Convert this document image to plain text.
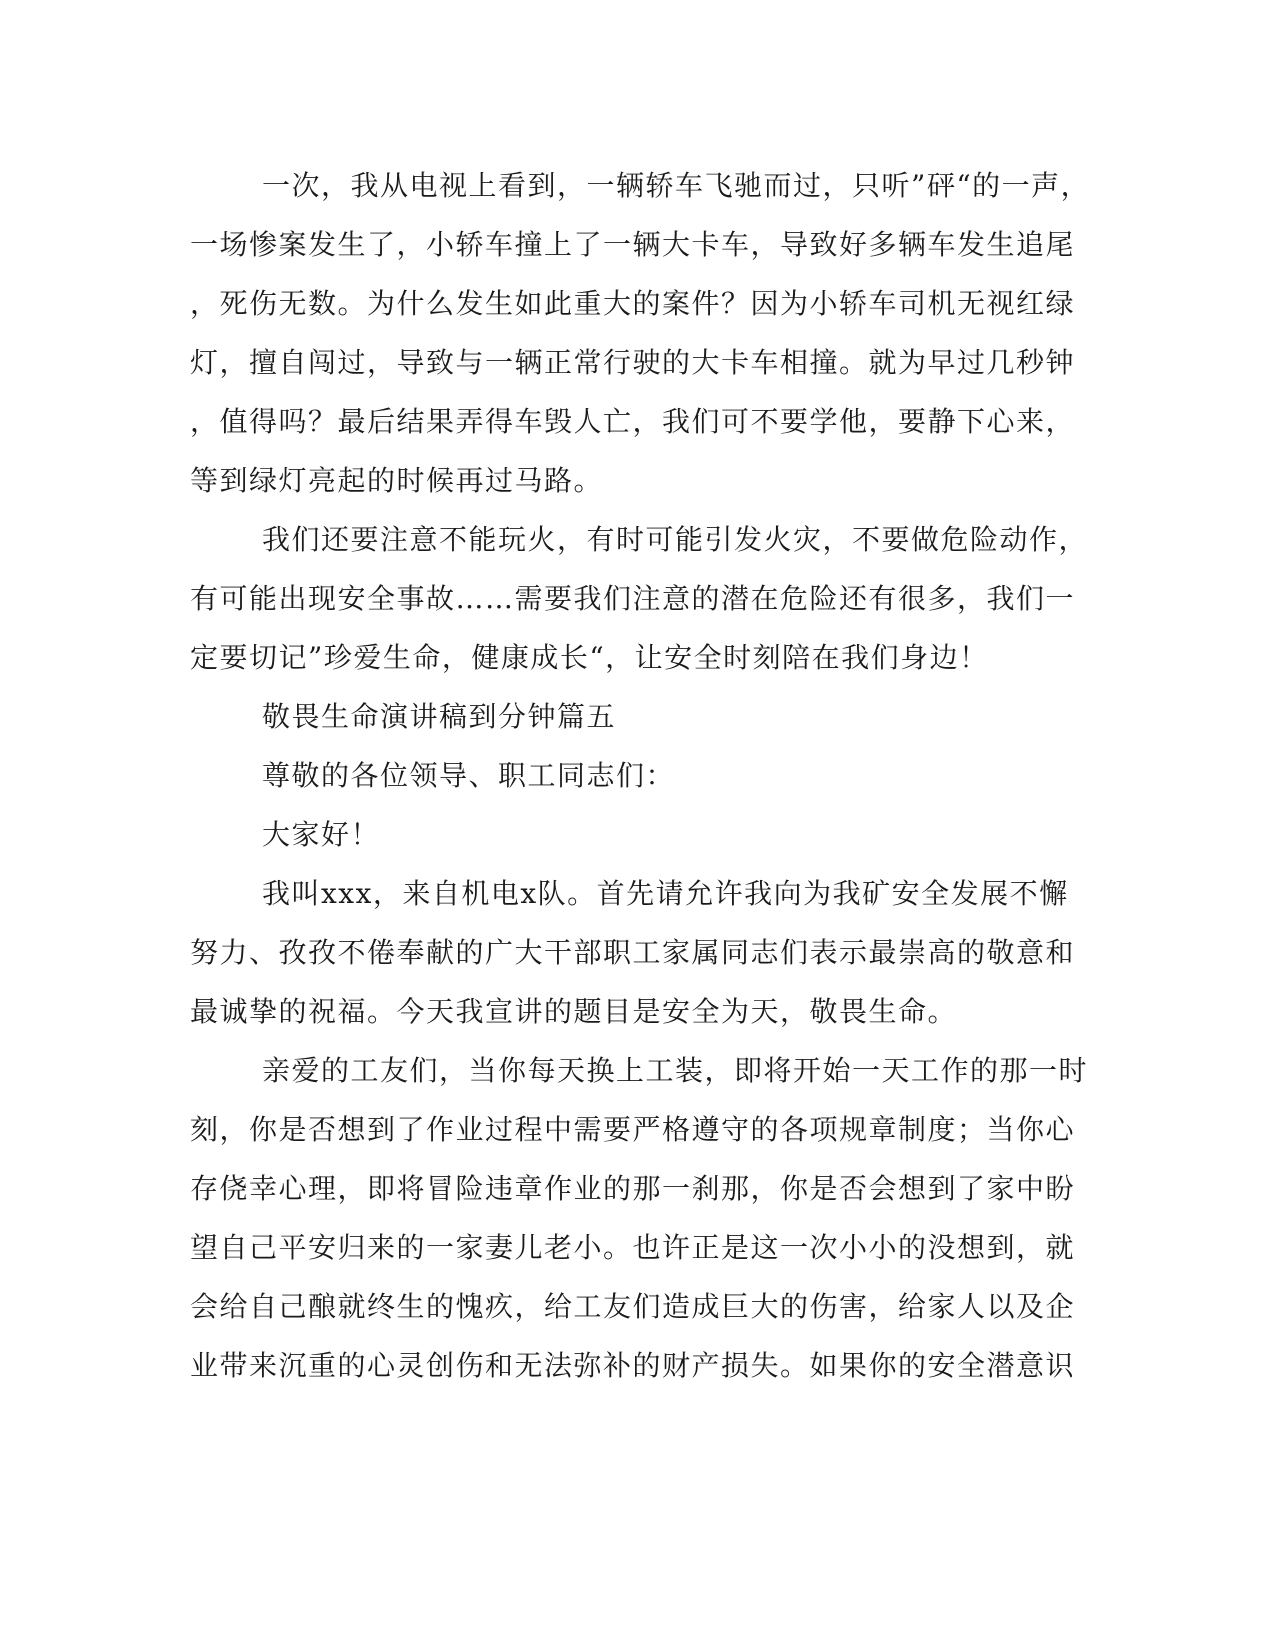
一次，我从电视上看到，一辆轿车飞驰而过，只听”砰“的一声，

一场惨案发生了，小轿车撞上了一辆大卡车，导致好多辆车发生追尾

，死伤无数。为什么发生如此重大的案件？因为小轿车司机无视红绿

灯，擅自闯过，导致与一辆正常行驶的大卡车相撞。就为早过几秒钟

，值得吗？最后结果弄得车毁人亡，我们可不要学他，要静下心来，

等到绿灯亮起的时候再过马路。

我们还要注意不能玩火，有时可能引发火灾，不要做危险动作，

有可能出现安全事故……需要我们注意的潜在危险还有很多，我们一

定要切记”珍爱生命，健康成长“，让安全时刻陪在我们身边！

敬畏生命演讲稿到分钟篇五

尊敬的各位领导、职工同志们：

大家好！

我叫xxx，来自机电x队。首先请允许我向为我矿安全发展不懈

努力、孜孜不倦奉献的广大干部职工家属同志们表示最崇高的敬意和

最诚挚的祝福。今天我宣讲的题目是安全为天，敬畏生命。

亲爱的工友们，当你每天换上工装，即将开始一天工作的那一时

刻，你是否想到了作业过程中需要严格遵守的各项规章制度；当你心

存侥幸心理，即将冒险违章作业的那一刹那，你是否会想到了家中盼

望自己平安归来的一家妻儿老小。也许正是这一次小小的没想到，就

会给自己酿就终生的愧疚，给工友们造成巨大的伤害，给家人以及企

业带来沉重的心灵创伤和无法弥补的财产损失。如果你的安全潜意识
